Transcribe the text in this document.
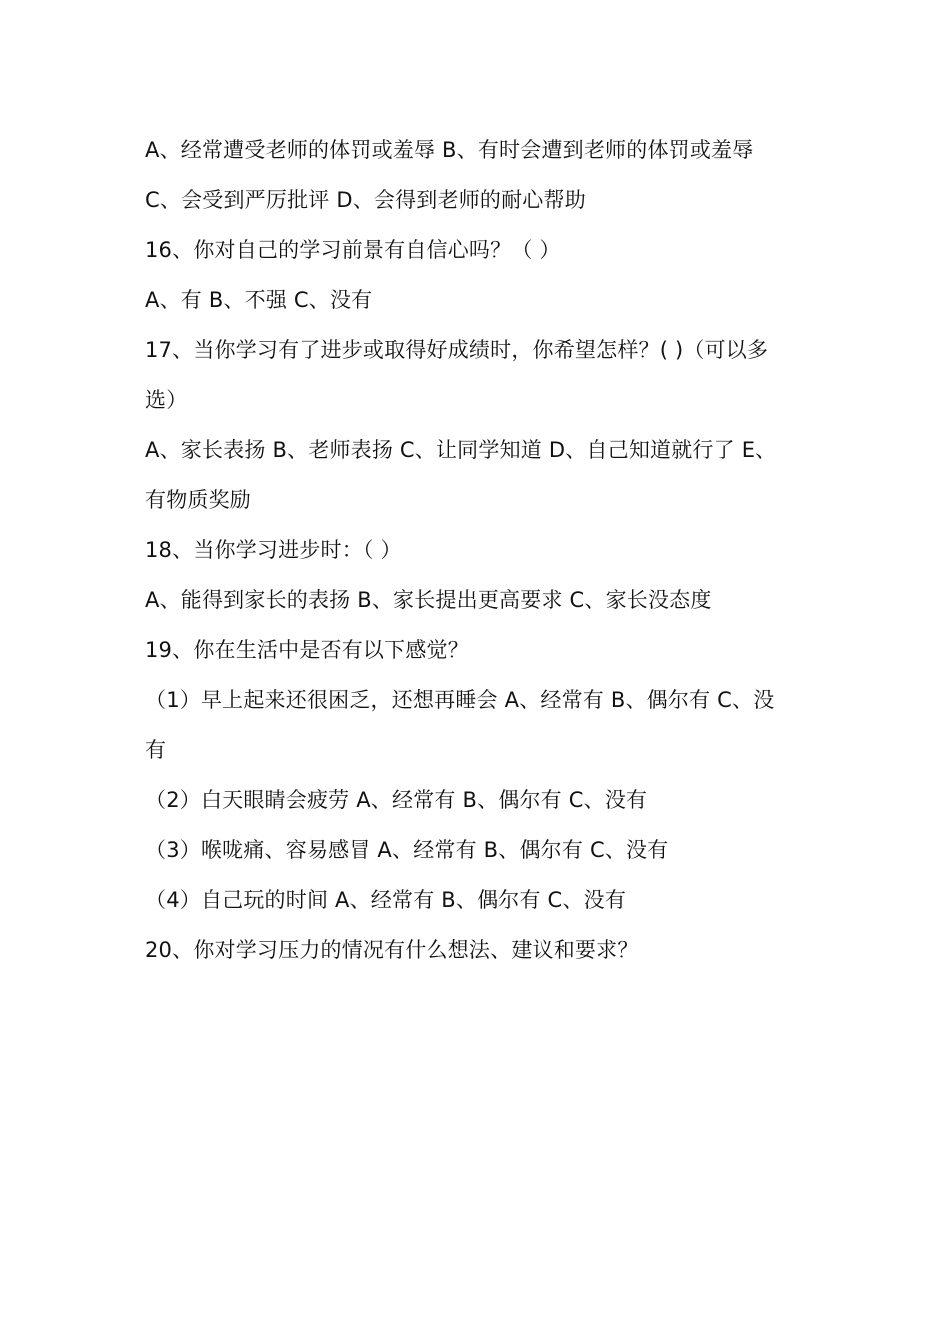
A、经常遭受老师的体罚或羞辱 B、有时会遭到老师的体罚或羞辱
C、会受到严厉批评 D、会得到老师的耐心帮助
16、你对自己的学习前景有自信心吗？（ ）
A、有 B、不强 C、没有
17、当你学习有了进步或取得好成绩时，你希望怎样？( )（可以多
选）
A、家长表扬 B、老师表扬 C、让同学知道 D、自己知道就行了 E、
有物质奖励
18、当你学习进步时：（ ）
A、能得到家长的表扬 B、家长提出更高要求 C、家长没态度
19、你在生活中是否有以下感觉？
（1）早上起来还很困乏，还想再睡会 A、经常有 B、偶尔有 C、没
有
（2）白天眼睛会疲劳 A、经常有 B、偶尔有 C、没有
（3）喉咙痛、容易感冒 A、经常有 B、偶尔有 C、没有
（4）自己玩的时间 A、经常有 B、偶尔有 C、没有
20、你对学习压力的情况有什么想法、建议和要求？
